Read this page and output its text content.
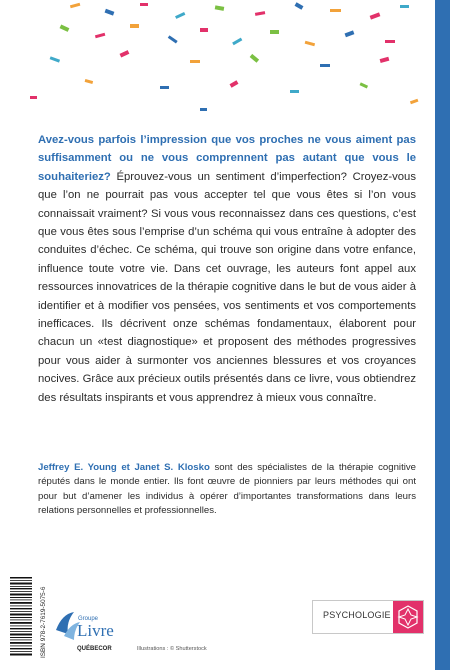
Avez-vous parfois l’impression que vos proches ne vous aiment pas suffisamment ou ne vous comprennent pas autant que vous le souhaiteriez? Éprouvez-vous un sentiment d’imperfection? Croyez-vous que l’on ne pourrait pas vous accepter tel que vous êtes si l’on vous connaissait vraiment? Si vous vous reconnaissez dans ces questions, c’est que vous êtes sous l’emprise d’un schéma qui vous entraîne à adopter des conduites d’échec. Ce schéma, qui trouve son origine dans votre enfance, influence toute votre vie. Dans cet ouvrage, les auteurs font appel aux ressources innovatrices de la thérapie cognitive dans le but de vous aider à identifier et à modifier vos pensées, vos sentiments et vos comportements inefficaces. Ils décrivent onze schémas fondamentaux, élaborent pour chacun un «test diagnostique» et proposent des méthodes progressives pour vous aider à surmonter vos anciennes blessures et vos croyances nocives. Grâce aux précieux outils présentés dans ce livre, vous obtiendrez des résultats inspirants et vous apprendrez à mieux vous connaître.

Jeffrey E. Young et Janet S. Klosko sont des spécialistes de la thérapie cognitive réputés dans le monde entier. Ils font œuvre de pionniers par leurs méthodes qui ont pour but d’amener les individus à opérer d’importantes transformations dans leurs relations personnelles et professionnelles.
ISBN 978-2-7619-5075-6	Groupe
Livre
QUÉBECOR	Illustrations : © Shutterstock
PSYCHOLOGIE
